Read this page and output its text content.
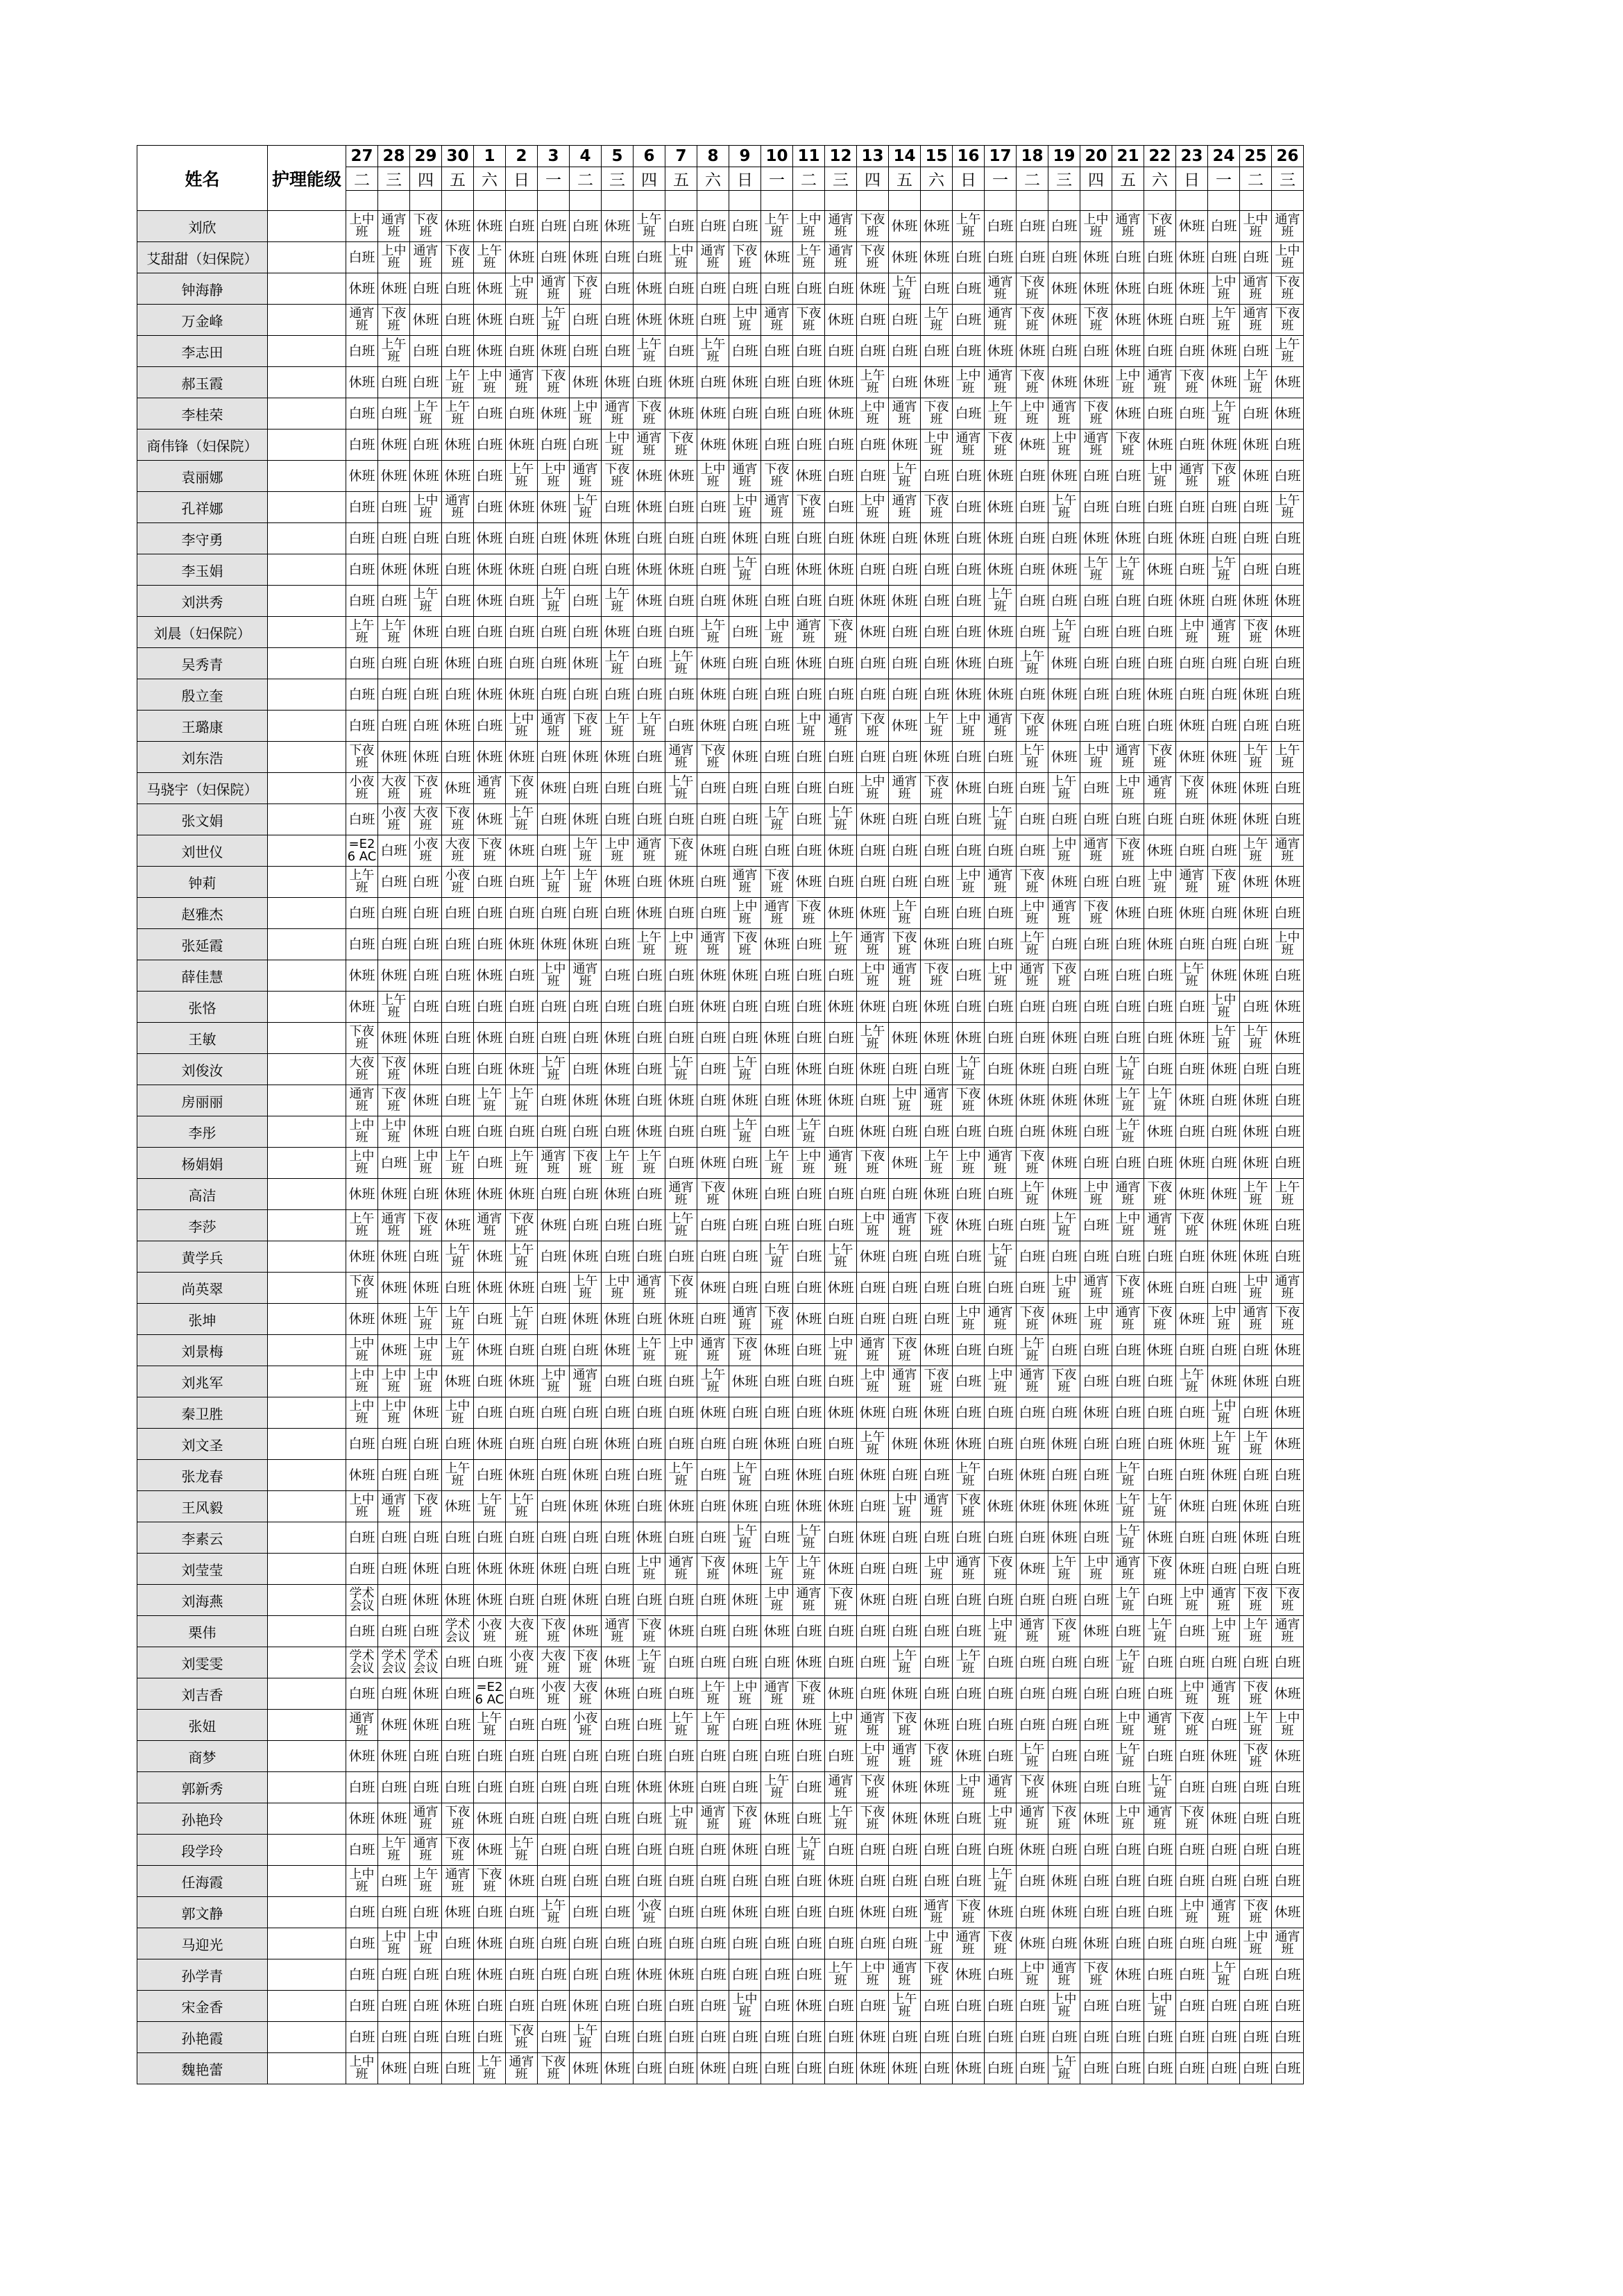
姓名	护理能级	27	28	29	30	1	2	3	4	5	6	7	8	9	10	11	12	13	14	15	16	17	18	19	20	21	22	23	24	25	26
		二	三	四	五	六	日	一	二	三	四	五	六	日	一	二	三	四	五	六	日	一	二	三	四	五	六	日	一	二	三

刘欣		上中班	通宵班	下夜班	休班	休班	白班	白班	白班	休班	上午班	白班	白班	白班	上午班	上中班	通宵班	下夜班	休班	休班	上午班	白班	白班	白班	上中班	通宵班	下夜班	休班	白班	上中班	通宵班
艾甜甜（妇保院）		白班	上中班	通宵班	下夜班	上午班	休班	白班	休班	白班	白班	上中班	通宵班	下夜班	休班	上午班	通宵班	下夜班	休班	休班	白班	白班	白班	白班	休班	白班	白班	休班	白班	白班	上中班
钟海静		休班	休班	白班	白班	休班	上中班	通宵班	下夜班	白班	休班	白班	白班	白班	白班	白班	白班	休班	上午班	白班	白班	通宵班	下夜班	休班	休班	休班	白班	休班	上中班	通宵班	下夜班
万金峰		通宵班	下夜班	休班	白班	休班	白班	上午班	白班	白班	休班	休班	白班	上中班	通宵班	下夜班	休班	白班	白班	上午班	白班	通宵班	下夜班	休班	下夜班	休班	休班	白班	上午班	通宵班	下夜班
李志田		白班	上午班	白班	白班	休班	白班	休班	白班	白班	上午班	白班	上午班	白班	白班	白班	白班	白班	白班	白班	白班	休班	休班	白班	白班	休班	白班	白班	休班	白班	上午班
郝玉霞		休班	白班	白班	上午班	上中班	通宵班	下夜班	休班	休班	白班	休班	白班	休班	白班	白班	休班	上午班	白班	休班	上中班	通宵班	下夜班	休班	休班	上中班	通宵班	下夜班	休班	上午班	休班
李桂荣		白班	白班	上午班	上午班	白班	白班	休班	上中班	通宵班	下夜班	休班	休班	白班	白班	白班	休班	上中班	通宵班	下夜班	白班	上午班	上中班	通宵班	下夜班	休班	白班	白班	上午班	白班	休班
商伟锋（妇保院）		白班	休班	白班	休班	白班	休班	白班	白班	上中班	通宵班	下夜班	休班	休班	白班	白班	白班	白班	休班	上中班	通宵班	下夜班	休班	上中班	通宵班	下夜班	休班	白班	休班	休班	白班
袁丽娜		休班	休班	休班	休班	白班	上午班	上中班	通宵班	下夜班	休班	休班	上中班	通宵班	下夜班	休班	白班	白班	上午班	白班	白班	休班	白班	休班	白班	白班	上中班	通宵班	下夜班	休班	白班
孔祥娜		白班	白班	上中班	通宵班	白班	休班	休班	上午班	白班	休班	白班	白班	上中班	通宵班	下夜班	白班	上中班	通宵班	下夜班	白班	休班	白班	上午班	白班	白班	白班	白班	白班	白班	上午班
李守勇		白班	白班	白班	白班	休班	白班	白班	休班	休班	白班	白班	白班	休班	白班	白班	白班	休班	白班	休班	白班	休班	白班	白班	休班	休班	白班	休班	白班	白班	白班
李玉娟		白班	休班	休班	白班	休班	休班	白班	白班	白班	休班	休班	白班	上午班	白班	休班	休班	白班	白班	白班	白班	休班	白班	休班	上午班	上午班	休班	白班	上午班	白班	白班
刘洪秀		白班	白班	上午班	白班	休班	白班	上午班	白班	上午班	休班	白班	白班	休班	白班	白班	白班	休班	休班	白班	白班	上午班	白班	白班	白班	白班	白班	休班	白班	休班	休班
刘晨（妇保院）		上午班	上午班	休班	白班	白班	白班	白班	白班	休班	白班	白班	上午班	白班	上中班	通宵班	下夜班	休班	白班	白班	白班	休班	白班	上午班	白班	白班	白班	上中班	通宵班	下夜班	休班
吴秀青		白班	白班	白班	休班	白班	白班	白班	休班	上午班	白班	上午班	休班	白班	白班	休班	白班	白班	白班	白班	休班	白班	上午班	休班	白班	白班	白班	白班	白班	白班	白班
殷立奎		白班	白班	白班	白班	休班	休班	白班	白班	白班	白班	白班	休班	白班	白班	白班	白班	白班	白班	白班	休班	休班	白班	休班	白班	白班	休班	白班	白班	休班	白班
王璐康		白班	白班	白班	休班	白班	上中班	通宵班	下夜班	上午班	上午班	白班	休班	白班	白班	上中班	通宵班	下夜班	休班	上午班	上中班	通宵班	下夜班	休班	白班	白班	白班	休班	白班	白班	白班
刘东浩		下夜班	休班	休班	白班	休班	休班	白班	休班	休班	白班	通宵班	下夜班	休班	白班	白班	白班	白班	白班	休班	白班	白班	上午班	休班	上中班	通宵班	下夜班	休班	休班	上午班	上午班
马骁宇（妇保院）		小夜班	大夜班	下夜班	休班	通宵班	下夜班	休班	白班	白班	白班	上午班	白班	白班	白班	白班	白班	上中班	通宵班	下夜班	休班	白班	白班	上午班	白班	上中班	通宵班	下夜班	休班	休班	白班
张文娟		白班	小夜班	大夜班	下夜班	休班	上午班	白班	休班	白班	白班	白班	白班	白班	上午班	白班	上午班	休班	白班	白班	白班	上午班	白班	白班	白班	白班	白班	白班	休班	休班	白班
刘世仪		=E26 AC	白班	小夜班	大夜班	下夜班	休班	白班	上午班	上中班	通宵班	下夜班	休班	白班	白班	白班	休班	白班	白班	白班	白班	白班	白班	上中班	通宵班	下夜班	休班	白班	白班	上午班	通宵班
钟莉		上午班	白班	白班	小夜班	白班	白班	上午班	上午班	休班	白班	休班	白班	通宵班	下夜班	休班	白班	白班	白班	白班	上中班	通宵班	下夜班	休班	白班	白班	上中班	通宵班	下夜班	休班	休班
赵雅杰		白班	白班	白班	白班	白班	白班	白班	白班	白班	休班	白班	白班	上中班	通宵班	下夜班	休班	休班	上午班	白班	白班	白班	上中班	通宵班	下夜班	休班	白班	休班	白班	休班	白班
张延霞		白班	白班	白班	白班	白班	休班	休班	休班	白班	上午班	上中班	通宵班	下夜班	休班	白班	上午班	通宵班	下夜班	休班	白班	白班	上午班	白班	白班	白班	休班	白班	白班	白班	上中班
薛佳慧		休班	休班	白班	白班	休班	白班	上中班	通宵班	白班	白班	白班	休班	休班	白班	白班	白班	上中班	通宵班	下夜班	白班	上中班	通宵班	下夜班	白班	白班	白班	上午班	休班	休班	白班
张恪		休班	上午班	白班	白班	白班	白班	白班	白班	白班	白班	白班	休班	白班	白班	白班	休班	休班	白班	休班	白班	白班	白班	白班	白班	白班	白班	白班	上中班	白班	休班
王敏		下夜班	休班	休班	白班	休班	白班	白班	白班	休班	白班	白班	白班	白班	休班	白班	白班	上午班	休班	休班	休班	白班	白班	休班	白班	白班	白班	休班	上午班	上午班	休班
刘俊汝		大夜班	下夜班	休班	白班	白班	休班	上午班	白班	休班	白班	上午班	白班	上午班	白班	休班	白班	休班	白班	白班	上午班	白班	休班	白班	白班	上午班	白班	白班	休班	白班	白班
房丽丽		通宵班	下夜班	休班	白班	上午班	上午班	白班	休班	休班	白班	休班	白班	休班	白班	休班	休班	白班	上中班	通宵班	下夜班	休班	休班	休班	休班	上午班	上午班	休班	白班	休班	白班
李彤		上中班	上中班	休班	白班	白班	白班	白班	白班	白班	休班	白班	白班	上午班	白班	上午班	白班	休班	白班	白班	白班	白班	白班	休班	白班	上午班	休班	白班	白班	休班	白班
杨娟娟		上中班	白班	上中班	上午班	白班	上午班	通宵班	下夜班	上午班	上午班	白班	休班	白班	上午班	上中班	通宵班	下夜班	休班	上午班	上中班	通宵班	下夜班	休班	白班	白班	白班	休班	白班	休班	白班
高洁		休班	休班	白班	休班	休班	休班	白班	白班	休班	白班	通宵班	下夜班	休班	白班	白班	白班	白班	白班	休班	白班	白班	上午班	休班	上中班	通宵班	下夜班	休班	休班	上午班	上午班
李莎		上午班	通宵班	下夜班	休班	通宵班	下夜班	休班	白班	白班	白班	上午班	白班	白班	白班	白班	白班	上中班	通宵班	下夜班	休班	白班	白班	上午班	白班	上中班	通宵班	下夜班	休班	休班	白班
黄学兵		休班	休班	白班	上午班	休班	上午班	白班	休班	白班	白班	白班	白班	白班	上午班	白班	上午班	休班	白班	白班	白班	上午班	白班	白班	白班	白班	白班	白班	休班	休班	白班
尚英翠		下夜班	休班	休班	白班	休班	休班	白班	上午班	上中班	通宵班	下夜班	休班	白班	白班	白班	休班	白班	白班	白班	白班	白班	白班	上中班	通宵班	下夜班	休班	白班	白班	上中班	通宵班
张坤		休班	休班	上午班	上午班	白班	上午班	白班	休班	休班	白班	休班	白班	通宵班	下夜班	休班	白班	白班	白班	白班	上中班	通宵班	下夜班	休班	上中班	通宵班	下夜班	休班	上中班	通宵班	下夜班
刘景梅		上中班	休班	上中班	上午班	休班	白班	白班	白班	休班	上午班	上中班	通宵班	下夜班	休班	白班	上中班	通宵班	下夜班	休班	白班	白班	上午班	白班	白班	白班	休班	白班	白班	白班	休班
刘兆军		上中班	上中班	上中班	休班	白班	休班	上中班	通宵班	白班	白班	白班	上午班	休班	白班	白班	白班	上中班	通宵班	下夜班	白班	上中班	通宵班	下夜班	白班	白班	白班	上午班	休班	休班	白班
秦卫胜		上中班	上中班	休班	上中班	白班	白班	白班	白班	白班	白班	白班	休班	白班	白班	白班	休班	休班	白班	休班	白班	白班	白班	白班	休班	白班	白班	白班	上中班	白班	休班
刘文圣		白班	白班	白班	白班	休班	白班	白班	白班	休班	白班	白班	白班	白班	休班	白班	白班	上午班	休班	休班	休班	白班	白班	休班	白班	白班	白班	休班	上午班	上午班	休班
张龙春		休班	白班	白班	上午班	白班	休班	白班	休班	白班	白班	上午班	白班	上午班	白班	休班	白班	休班	白班	白班	上午班	白班	休班	白班	白班	上午班	白班	白班	休班	白班	白班
王风毅		上中班	通宵班	下夜班	休班	上午班	上午班	白班	休班	休班	白班	休班	白班	休班	白班	休班	休班	白班	上中班	通宵班	下夜班	休班	休班	休班	休班	上午班	上午班	休班	白班	休班	白班
李素云		白班	白班	白班	白班	白班	白班	白班	白班	白班	休班	白班	白班	上午班	白班	上午班	白班	休班	白班	白班	白班	白班	白班	休班	白班	上午班	休班	白班	白班	休班	白班
刘莹莹		白班	白班	休班	白班	休班	休班	休班	白班	白班	上中班	通宵班	下夜班	休班	上午班	上午班	休班	白班	白班	上中班	通宵班	下夜班	休班	上午班	上中班	通宵班	下夜班	休班	白班	白班	白班
刘海燕		学术会议	白班	休班	休班	休班	白班	白班	休班	白班	白班	白班	白班	休班	上中班	通宵班	下夜班	休班	白班	白班	白班	白班	白班	白班	白班	上午班	白班	上中班	通宵班	下夜班	下夜班
栗伟		白班	白班	白班	学术会议	小夜班	大夜班	下夜班	休班	通宵班	下夜班	休班	白班	白班	休班	白班	白班	白班	白班	白班	白班	上中班	通宵班	下夜班	休班	白班	上午班	白班	上中班	上午班	通宵班
刘雯雯		学术会议	学术会议	学术会议	白班	白班	小夜班	大夜班	下夜班	休班	上午班	白班	白班	白班	白班	休班	白班	白班	上午班	白班	上午班	白班	白班	白班	白班	上午班	白班	白班	白班	白班	白班
刘吉香		白班	白班	休班	白班	=E26 AC	白班	小夜班	大夜班	休班	白班	白班	上午班	上中班	通宵班	下夜班	休班	白班	休班	白班	白班	白班	白班	白班	白班	白班	白班	上中班	通宵班	下夜班	休班
张妞		通宵班	休班	休班	白班	上午班	白班	白班	小夜班	白班	白班	上午班	上午班	白班	白班	休班	上中班	通宵班	下夜班	休班	白班	白班	白班	白班	白班	上中班	通宵班	下夜班	白班	上午班	上中班
商梦		休班	休班	白班	白班	白班	白班	白班	白班	白班	白班	白班	白班	白班	白班	白班	白班	上中班	通宵班	下夜班	休班	白班	上午班	白班	白班	上午班	白班	白班	休班	下夜班	休班
郭新秀		白班	白班	白班	白班	白班	白班	白班	白班	白班	休班	休班	白班	白班	上午班	白班	通宵班	下夜班	休班	休班	上中班	通宵班	下夜班	休班	白班	白班	上午班	白班	白班	白班	白班
孙艳玲		休班	休班	通宵班	下夜班	休班	白班	白班	白班	白班	白班	上中班	通宵班	下夜班	休班	白班	上午班	下夜班	休班	休班	白班	上中班	通宵班	下夜班	休班	上中班	通宵班	下夜班	休班	白班	白班
段学玲		白班	上午班	通宵班	下夜班	休班	上午班	白班	白班	白班	白班	白班	白班	休班	白班	上午班	白班	白班	白班	白班	白班	白班	休班	白班	白班	白班	白班	白班	白班	白班	白班
任海霞		上中班	白班	上午班	通宵班	下夜班	休班	白班	白班	白班	白班	白班	白班	白班	白班	白班	休班	白班	白班	白班	白班	上午班	白班	休班	白班	白班	白班	白班	白班	白班	白班
郭文静		白班	白班	白班	休班	白班	白班	上午班	白班	白班	小夜班	白班	白班	休班	白班	白班	白班	休班	白班	通宵班	下夜班	休班	白班	休班	白班	白班	白班	上中班	通宵班	下夜班	休班
马迎光		白班	上中班	上中班	白班	休班	白班	白班	白班	白班	白班	白班	白班	白班	白班	白班	白班	白班	白班	上中班	通宵班	下夜班	休班	白班	休班	白班	白班	白班	白班	上中班	通宵班
孙学青		白班	白班	白班	白班	休班	白班	白班	白班	白班	休班	休班	白班	白班	白班	白班	上午班	上中班	通宵班	下夜班	休班	白班	上中班	通宵班	下夜班	休班	白班	白班	上午班	白班	白班
宋金香		白班	白班	白班	休班	白班	白班	白班	休班	白班	白班	白班	白班	上中班	白班	休班	白班	白班	上午班	白班	白班	白班	白班	上中班	白班	白班	上中班	白班	白班	白班	白班
孙艳霞		白班	白班	白班	白班	白班	下夜班	白班	上午班	白班	白班	白班	白班	白班	白班	白班	白班	休班	白班	白班	白班	白班	白班	白班	白班	白班	白班	白班	白班	白班	白班
魏艳蕾		上中班	休班	白班	白班	上午班	通宵班	下夜班	休班	休班	白班	白班	休班	白班	白班	白班	白班	休班	休班	白班	休班	白班	白班	上午班	白班	白班	白班	白班	白班	白班	白班
